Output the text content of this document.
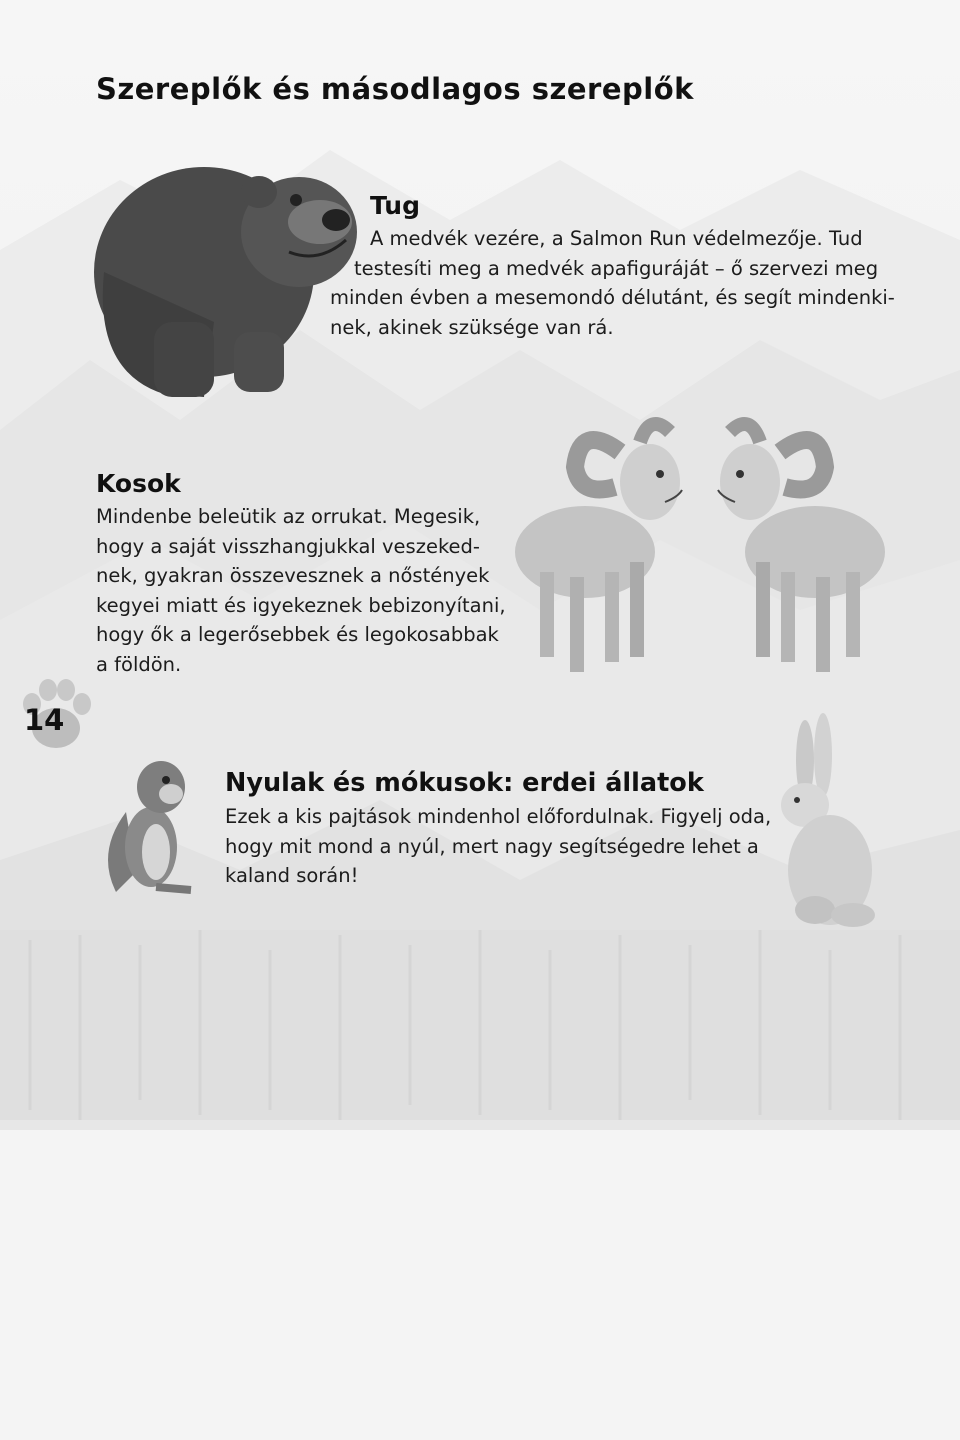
Szereplők és másodlagos szereplők
Tug

A medvék vezére, a Salmon Run védelmezője. Tud
testesíti meg a medvék apafiguráját – ő szervezi meg
minden évben a mesemondó délutánt, és segít mindenki-
nek, akinek szüksége van rá.

Kosok

Mindenbe beleütik az orrukat. Megesik,
hogy a saját visszhangjukkal veszeked-
nek, gyakran összevesznek a nőstények
kegyei miatt és igyekeznek bebizonyítani,
hogy ők a legerősebbek és legokosabbak
a földön.

14
Nyulak és mókusok: erdei állatok

Ezek a kis pajtások mindenhol előfordulnak. Figyelj oda,
hogy mit mond a nyúl, mert nagy segítségedre lehet a
kaland során!
